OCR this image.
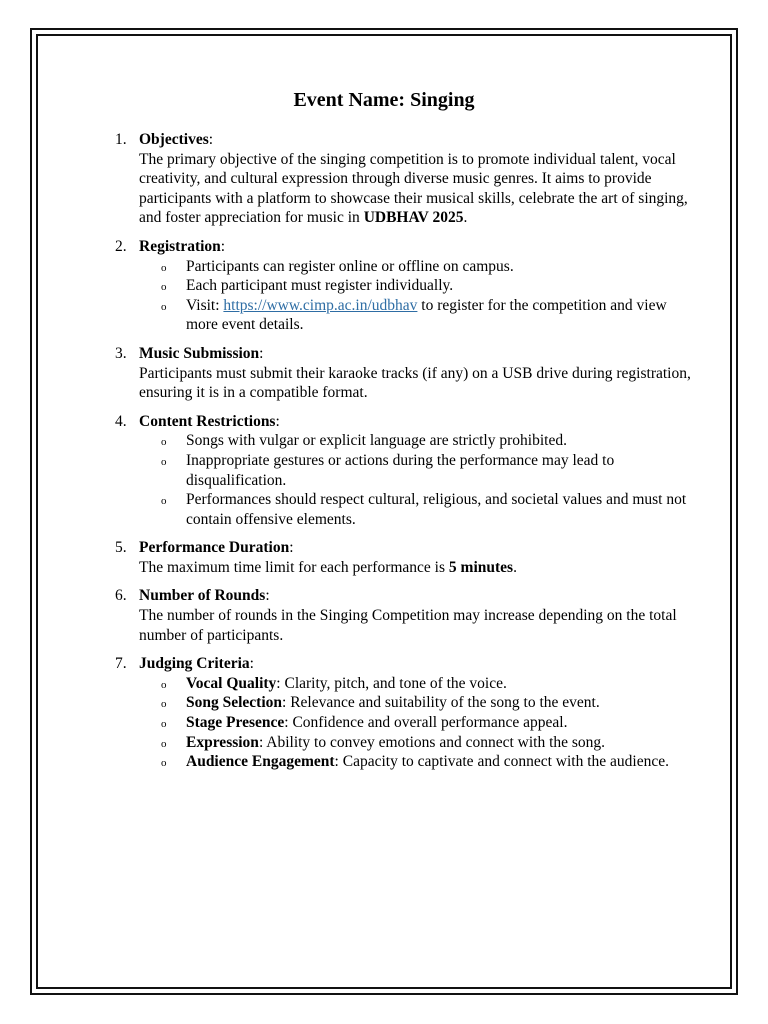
Event Name: Singing
1. Objectives:
The primary objective of the singing competition is to promote individual talent, vocal creativity, and cultural expression through diverse music genres. It aims to provide participants with a platform to showcase their musical skills, celebrate the art of singing, and foster appreciation for music in UDBHAV 2025.
2. Registration:
o Participants can register online or offline on campus.
o Each participant must register individually.
o Visit: https://www.cimp.ac.in/udbhav to register for the competition and view more event details.
3. Music Submission:
Participants must submit their karaoke tracks (if any) on a USB drive during registration, ensuring it is in a compatible format.
4. Content Restrictions:
o Songs with vulgar or explicit language are strictly prohibited.
o Inappropriate gestures or actions during the performance may lead to disqualification.
o Performances should respect cultural, religious, and societal values and must not contain offensive elements.
5. Performance Duration:
The maximum time limit for each performance is 5 minutes.
6. Number of Rounds:
The number of rounds in the Singing Competition may increase depending on the total number of participants.
7. Judging Criteria:
o Vocal Quality: Clarity, pitch, and tone of the voice.
o Song Selection: Relevance and suitability of the song to the event.
o Stage Presence: Confidence and overall performance appeal.
o Expression: Ability to convey emotions and connect with the song.
o Audience Engagement: Capacity to captivate and connect with the audience.
